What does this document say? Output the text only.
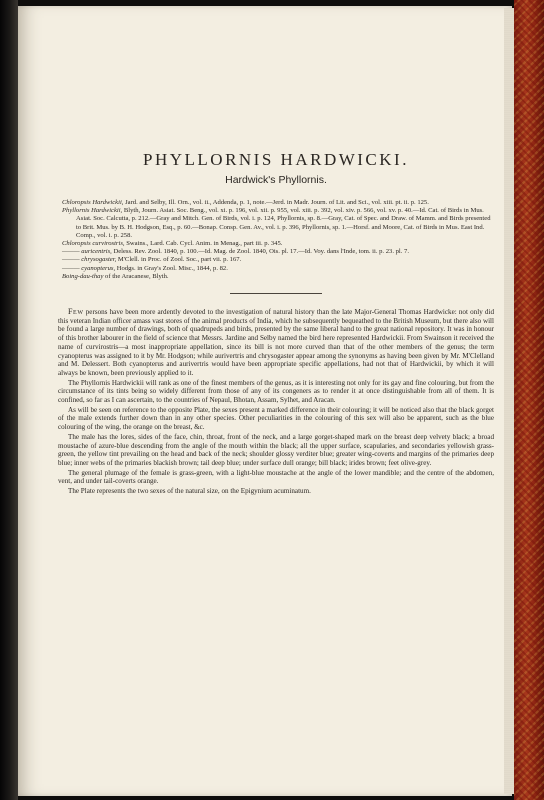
PHYLLORNIS HARDWICKI.
Hardwick's Phyllornis.

Chloropsis Hardwickii, Jard. and Selby, Ill. Orn., vol. ii., Addenda, p. 1, note.—Jerd. in Madr. Journ. of Lit. and Sci., vol. xiii. pt. ii. p. 125.

Phyllornis Hardwickii, Blyth, Journ. Asiat. Soc. Beng., vol. xi. p. 196, vol. xii. p. 955, vol. xiii. p. 392, vol. xiv. p. 566, vol. xv. p. 40.—Id. Cat. of Birds in Mus. Asiat. Soc. Calcutta, p. 212.—Gray and Mitch. Gen. of Birds, vol. i. p. 124, Phyllornis, sp. 8.—Gray, Cat. of Spec. and Draw. of Mamm. and Birds presented to Brit. Mus. by B. H. Hodgson, Esq., p. 60.—Bonap. Consp. Gen. Av., vol. i. p. 396, Phyllornis, sp. 1.—Horsf. and Moore, Cat. of Birds in Mus. East Ind. Comp., vol. i. p. 258.

Chloropsis curvirostris, Swains., Lard. Cab. Cycl. Anim. in Menag., part iii. p. 345.

——— auricentris, Deless. Rev. Zool. 1840, p. 100.—Id. Mag. de Zool. 1840, Ois. pl. 17.—Id. Voy. dans l'Inde, tom. ii. p. 23. pl. 7.

——— chrysogaster, M'Clell. in Proc. of Zool. Soc., part vii. p. 167.

——— cyanopterus, Hodgs. in Gray's Zool. Misc., 1844, p. 82.

Boing-dau-thay of the Aracanese, Blyth.

Few persons have been more ardently devoted to the investigation of natural history than the late Major-General Thomas Hardwicke: not only did this veteran Indian officer amass vast stores of the animal products of India, which he subsequently bequeathed to the British Museum, but there also will be found a large number of drawings, both of quadrupeds and birds, presented by the same liberal hand to the great national repository. It was in honour of this brother labourer in the field of science that Messrs. Jardine and Selby named the bird here represented Hardwickii. From Swainson it received the name of curvirostris—a most inappropriate appellation, since its bill is not more curved than that of the other members of the genus; the term cyanopterus was assigned to it by Mr. Hodgson; while aurivertris and chrysogaster appear among the synonyms as having been given by Mr. M'Clelland and M. Delessert. Both cyanopterus and aurivertris would have been appropriate specific appellations, had not that of Hardwickii, by which it will always be known, been previously applied to it.

The Phyllornis Hardwickii will rank as one of the finest members of the genus, as it is interesting not only for its gay and fine colouring, but from the circumstance of its tints being so widely different from those of any of its congeners as to render it at once distinguishable from all of them. It is confined, so far as I can ascertain, to the countries of Nepaul, Bhotan, Assam, Sylhet, and Aracan.

As will be seen on reference to the opposite Plate, the sexes present a marked difference in their colouring; it will be noticed also that the black gorget of the male extends further down than in any other species. Other peculiarities in the colouring of this sex will also be apparent, such as the blue colouring of the wing, the orange on the breast, &c.

The male has the lores, sides of the face, chin, throat, front of the neck, and a large gorget-shaped mark on the breast deep velvety black; a broad moustache of azure-blue descending from the angle of the mouth within the black; all the upper surface, scapularies, and secondaries yellowish grass-green, the yellow tint prevailing on the head and back of the neck; shoulder glossy verditer blue; greater wing-coverts and margins of the primaries deep blue; inner webs of the primaries blackish brown; tail deep blue; under surface dull orange; bill black; irides brown; feet olive-grey.

The general plumage of the female is grass-green, with a light-blue moustache at the angle of the lower mandible; and the centre of the abdomen, vent, and under tail-coverts orange.

The Plate represents the two sexes of the natural size, on the Epigynium acuminatum.
